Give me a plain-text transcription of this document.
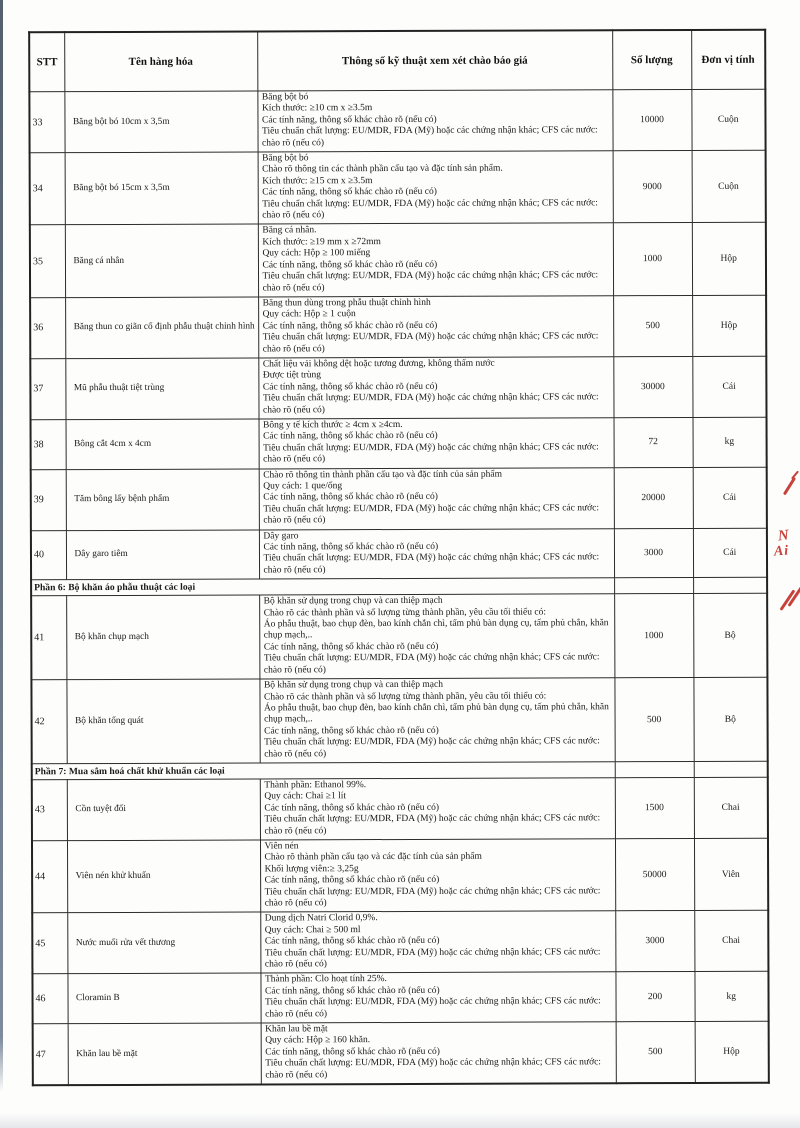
STT	Tên hàng hóa	Thông số kỹ thuật xem xét chào báo giá	Số lượng	Đơn vị tính
33	Băng bột bó 10cm x 3,5m	Băng bột bó
Kích thước: ≥10 cm x ≥3.5m
Các tính năng, thông số khác chào rõ (nếu có)
Tiêu chuẩn chất lượng: EU/MDR, FDA (Mỹ) hoặc các chứng nhận khác; CFS các nước: chào rõ (nếu có)	10000	Cuộn
34	Băng bột bó 15cm x 3,5m	Băng bột bó
Chào rõ thông tin các thành phần cấu tạo và đặc tính sản phẩm.
Kích thước: ≥15 cm x ≥3.5m
Các tính năng, thông số khác chào rõ (nếu có)
Tiêu chuẩn chất lượng: EU/MDR, FDA (Mỹ) hoặc các chứng nhận khác; CFS các nước: chào rõ (nếu có)	9000	Cuộn
35	Băng cá nhân	Băng cá nhân.
Kích thước: ≥19 mm x ≥72mm
Quy cách: Hộp ≥ 100 miếng
Các tính năng, thông số khác chào rõ (nếu có)
Tiêu chuẩn chất lượng: EU/MDR, FDA (Mỹ) hoặc các chứng nhận khác; CFS các nước: chào rõ (nếu có)	1000	Hộp
36	Băng thun co giãn cố định phẫu thuật chỉnh hình	Băng thun dùng trong phẫu thuật chỉnh hình
Quy cách: Hộp ≥ 1 cuộn
Các tính năng, thông số khác chào rõ (nếu có)
Tiêu chuẩn chất lượng: EU/MDR, FDA (Mỹ) hoặc các chứng nhận khác; CFS các nước: chào rõ (nếu có)	500	Hộp
37	Mũ phẫu thuật tiệt trùng	Chất liệu vải không dệt hoặc tương đương, không thấm nước
Được tiệt trùng
Các tính năng, thông số khác chào rõ (nếu có)
Tiêu chuẩn chất lượng: EU/MDR, FDA (Mỹ) hoặc các chứng nhận khác; CFS các nước: chào rõ (nếu có)	30000	Cái
38	Bông cắt 4cm x 4cm	Bông y tế kích thước ≥ 4cm x ≥4cm.
Các tính năng, thông số khác chào rõ (nếu có)
Tiêu chuẩn chất lượng: EU/MDR, FDA (Mỹ) hoặc các chứng nhận khác; CFS các nước: chào rõ (nếu có)	72	kg
39	Tăm bông lấy bệnh phẩm	Chào rõ thông tin thành phần cấu tạo và đặc tính của sản phẩm
Quy cách: 1 que/ống
Các tính năng, thông số khác chào rõ (nếu có)
Tiêu chuẩn chất lượng: EU/MDR, FDA (Mỹ) hoặc các chứng nhận khác; CFS các nước: chào rõ (nếu có)	20000	Cái
40	Dây garo tiêm	Dây garo
Các tính năng, thông số khác chào rõ (nếu có)
Tiêu chuẩn chất lượng: EU/MDR, FDA (Mỹ) hoặc các chứng nhận khác; CFS các nước: chào rõ (nếu có)	3000	Cái
Phần 6: Bộ khăn áo phẫu thuật các loại				
41	Bộ khăn chụp mạch	Bộ khăn sử dụng trong chụp và can thiệp mạch
Chào rõ các thành phần và số lượng từng thành phần, yêu cầu tối thiểu có:
Áo phẫu thuật, bao chụp đèn, bao kính chắn chì, tấm phủ bàn dụng cụ, tấm phủ chắn, khăn chụp mạch,..
Các tính năng, thông số khác chào rõ (nếu có)
Tiêu chuẩn chất lượng: EU/MDR, FDA (Mỹ) hoặc các chứng nhận khác; CFS các nước: chào rõ (nếu có)	1000	Bộ
42	Bộ khăn tổng quát	Bộ khăn sử dụng trong chụp và can thiệp mạch
Chào rõ các thành phần và số lượng từng thành phần, yêu cầu tối thiểu có:
Áo phẫu thuật, bao chụp đèn, bao kính chắn chì, tấm phủ bàn dụng cụ, tấm phủ chắn, khăn chụp mạch,..
Các tính năng, thông số khác chào rõ (nếu có)
Tiêu chuẩn chất lượng: EU/MDR, FDA (Mỹ) hoặc các chứng nhận khác; CFS các nước: chào rõ (nếu có)	500	Bộ
Phần 7: Mua sắm hoá chất khử khuẩn các loại				
43	Cồn tuyệt đối	Thành phần: Ethanol 99%.
Quy cách: Chai ≥1 lít
Các tính năng, thông số khác chào rõ (nếu có)
Tiêu chuẩn chất lượng: EU/MDR, FDA (Mỹ) hoặc các chứng nhận khác; CFS các nước: chào rõ (nếu có)	1500	Chai
44	Viên nén khử khuẩn	Viên nén
Chào rõ thành phần cấu tạo và các đặc tính của sản phẩm
Khối lượng viên:≥ 3,25g
Các tính năng, thông số khác chào rõ (nếu có)
Tiêu chuẩn chất lượng: EU/MDR, FDA (Mỹ) hoặc các chứng nhận khác; CFS các nước: chào rõ (nếu có)	50000	Viên
45	Nước muối rửa vết thương	Dung dịch Natri Clorid 0,9%.
Quy cách: Chai ≥ 500 ml
Các tính năng, thông số khác chào rõ (nếu có)
Tiêu chuẩn chất lượng: EU/MDR, FDA (Mỹ) hoặc các chứng nhận khác; CFS các nước: chào rõ (nếu có)	3000	Chai
46	Cloramin B	Thành phần: Clo hoạt tính 25%.
Các tính năng, thông số khác chào rõ (nếu có)
Tiêu chuẩn chất lượng: EU/MDR, FDA (Mỹ) hoặc các chứng nhận khác; CFS các nước: chào rõ (nếu có)	200	kg
47	Khăn lau bề mặt	Khăn lau bề mặt
Quy cách: Hộp ≥ 160 khăn.
Các tính năng, thông số khác chào rõ (nếu có)
Tiêu chuẩn chất lượng: EU/MDR, FDA (Mỹ) hoặc các chứng nhận khác; CFS các nước: chào rõ (nếu có)	500	Hộp
N
Ai
